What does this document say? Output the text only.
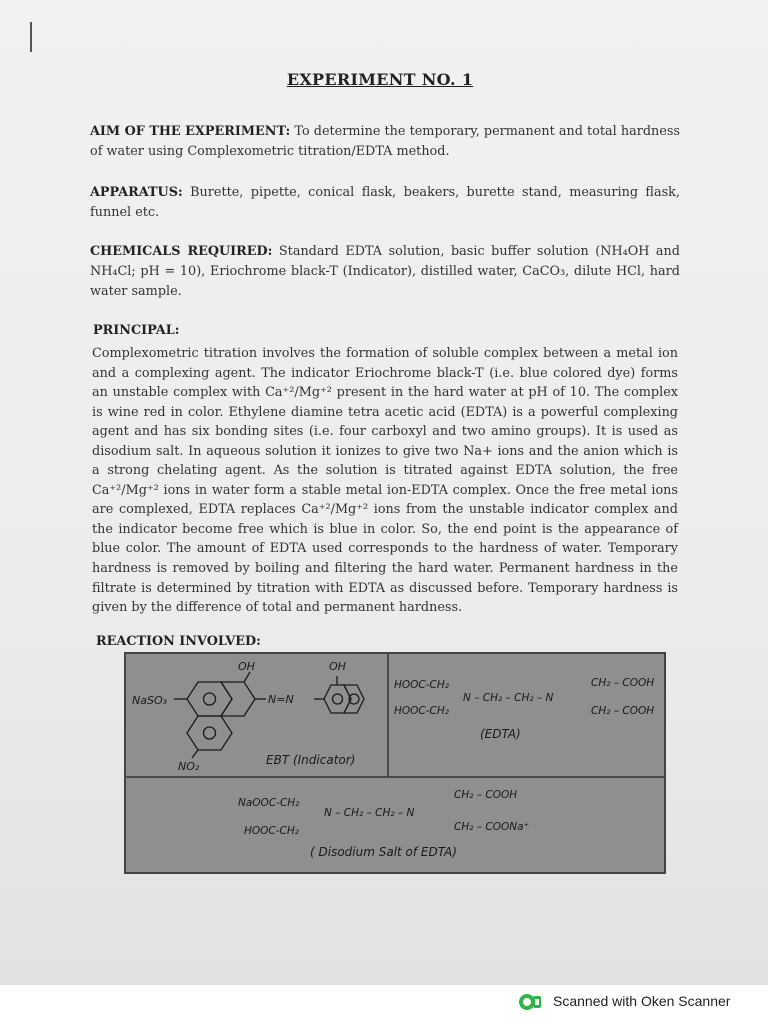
EXPERIMENT NO. 1
AIM OF THE EXPERIMENT: To determine the temporary, permanent and total hardness of water using Complexometric titration/EDTA method.
APPARATUS: Burette, pipette, conical flask, beakers, burette stand, measuring flask, funnel etc.
CHEMICALS REQUIRED: Standard EDTA solution, basic buffer solution (NH₄OH and NH₄Cl; pH = 10), Eriochrome black-T (Indicator), distilled water, CaCO₃, dilute HCl, hard water sample.
PRINCIPAL:
Complexometric titration involves the formation of soluble complex between a metal ion and a complexing agent. The indicator Eriochrome black-T (i.e. blue colored dye) forms an unstable complex with Ca⁺²/Mg⁺² present in the hard water at pH of 10. The complex is wine red in color. Ethylene diamine tetra acetic acid (EDTA) is a powerful complexing agent and has six bonding sites (i.e. four carboxyl and two amino groups). It is used as disodium salt. In aqueous solution it ionizes to give two Na+ ions and the anion which is a strong chelating agent. As the solution is titrated against EDTA solution, the free Ca⁺²/Mg⁺² ions in water form a stable metal ion-EDTA complex. Once the free metal ions are complexed, EDTA replaces Ca⁺²/Mg⁺² ions from the unstable indicator complex and the indicator become free which is blue in color. So, the end point is the appearance of blue color. The amount of EDTA used corresponds to the hardness of water. Temporary hardness is removed by boiling and filtering the hard water. Permanent hardness in the filtrate is determined by titration with EDTA as discussed before. Temporary hardness is given by the difference of total and permanent hardness.
REACTION INVOLVED:
OH	OH
NaSO₃	N=N
NO₂	EBT (Indicator)
HOOC-CH₂
HOOC-CH₂
N – CH₂ – CH₂ – N
CH₂ – COOH
CH₂ – COOH
(EDTA)
NaOOC-CH₂
HOOC-CH₂
N – CH₂ – CH₂ – N
CH₂ – COOH
CH₂ – COONa⁺
( Disodium Salt of EDTA)
Scanned with Oken Scanner
